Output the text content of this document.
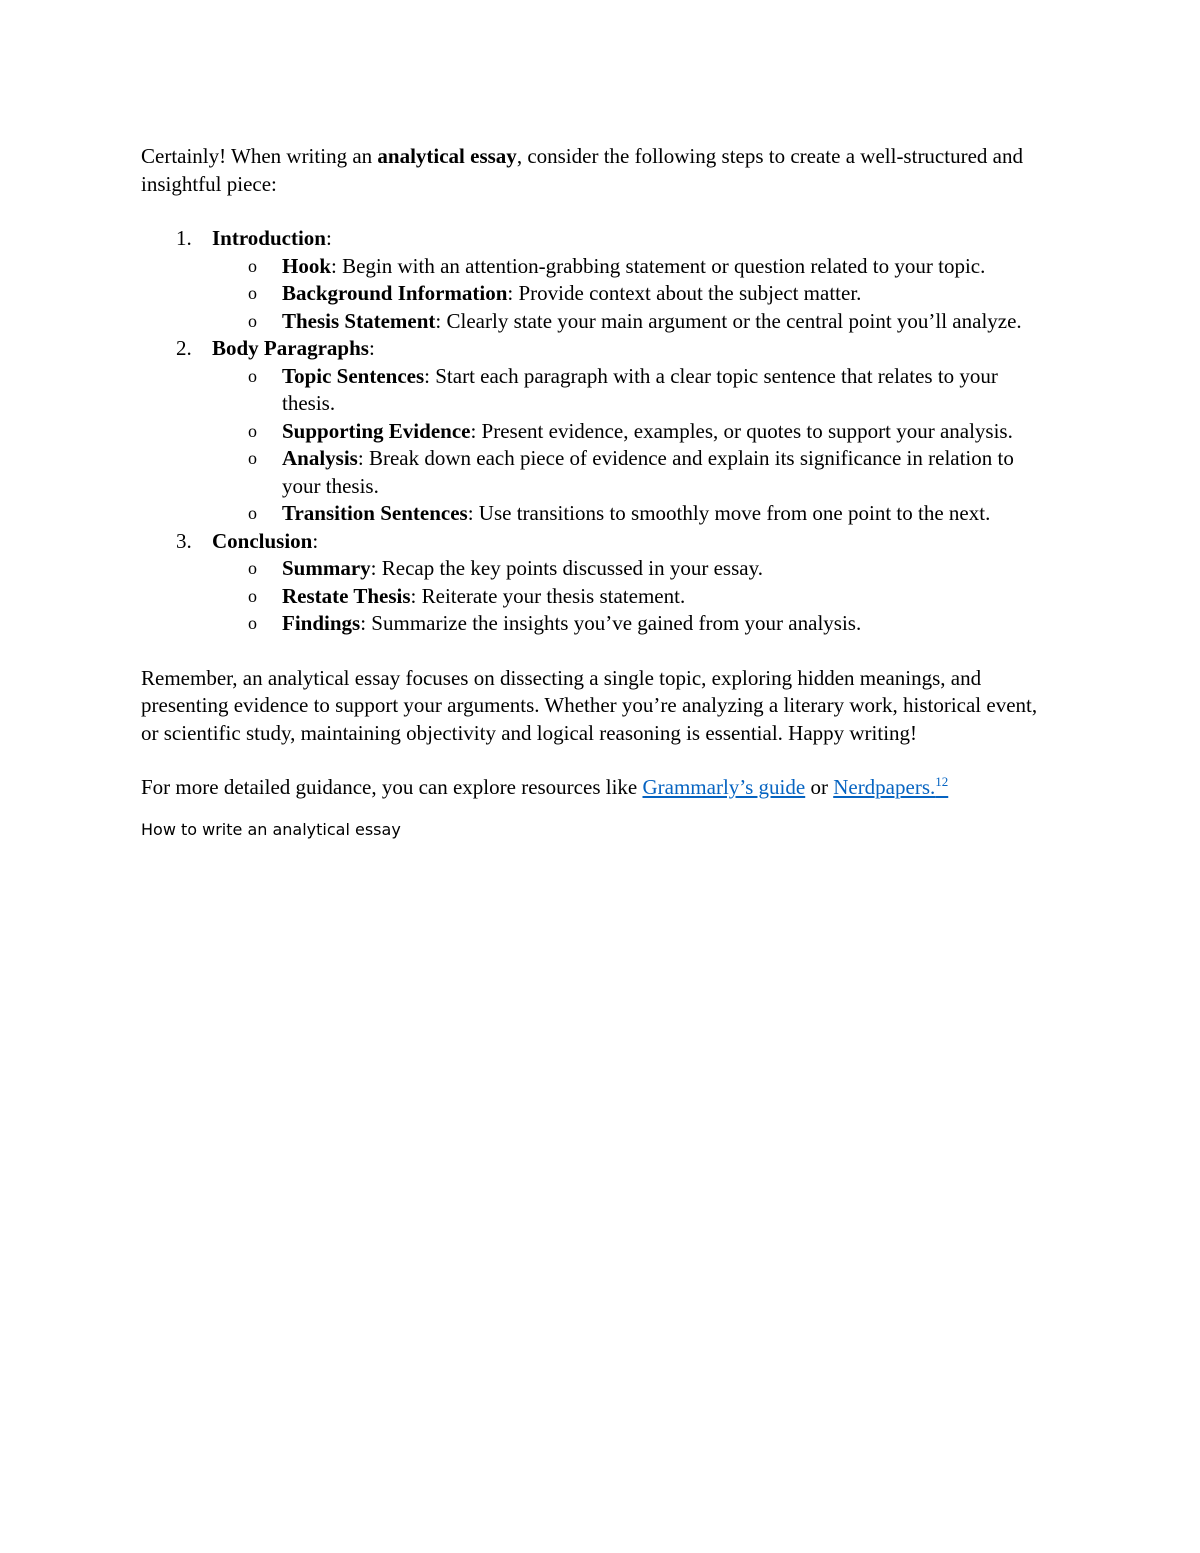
Certainly! When writing an analytical essay, consider the following steps to create a well-structured and insightful piece:

1. Introduction:
o	Hook: Begin with an attention-grabbing statement or question related to your topic.
o	Background Information: Provide context about the subject matter.
o	Thesis Statement: Clearly state your main argument or the central point you’ll analyze.
2. Body Paragraphs:
o	Topic Sentences: Start each paragraph with a clear topic sentence that relates to your thesis.
o	Supporting Evidence: Present evidence, examples, or quotes to support your analysis.
o	Analysis: Break down each piece of evidence and explain its significance in relation to your thesis.
o	Transition Sentences: Use transitions to smoothly move from one point to the next.
3. Conclusion:
o	Summary: Recap the key points discussed in your essay.
o	Restate Thesis: Reiterate your thesis statement.
o	Findings: Summarize the insights you’ve gained from your analysis.

Remember, an analytical essay focuses on dissecting a single topic, exploring hidden meanings, and presenting evidence to support your arguments. Whether you’re analyzing a literary work, historical event, or scientific study, maintaining objectivity and logical reasoning is essential. Happy writing!

For more detailed guidance, you can explore resources like Grammarly’s guide or Nerdpapers.$^{12}$

How to write an analytical essay
